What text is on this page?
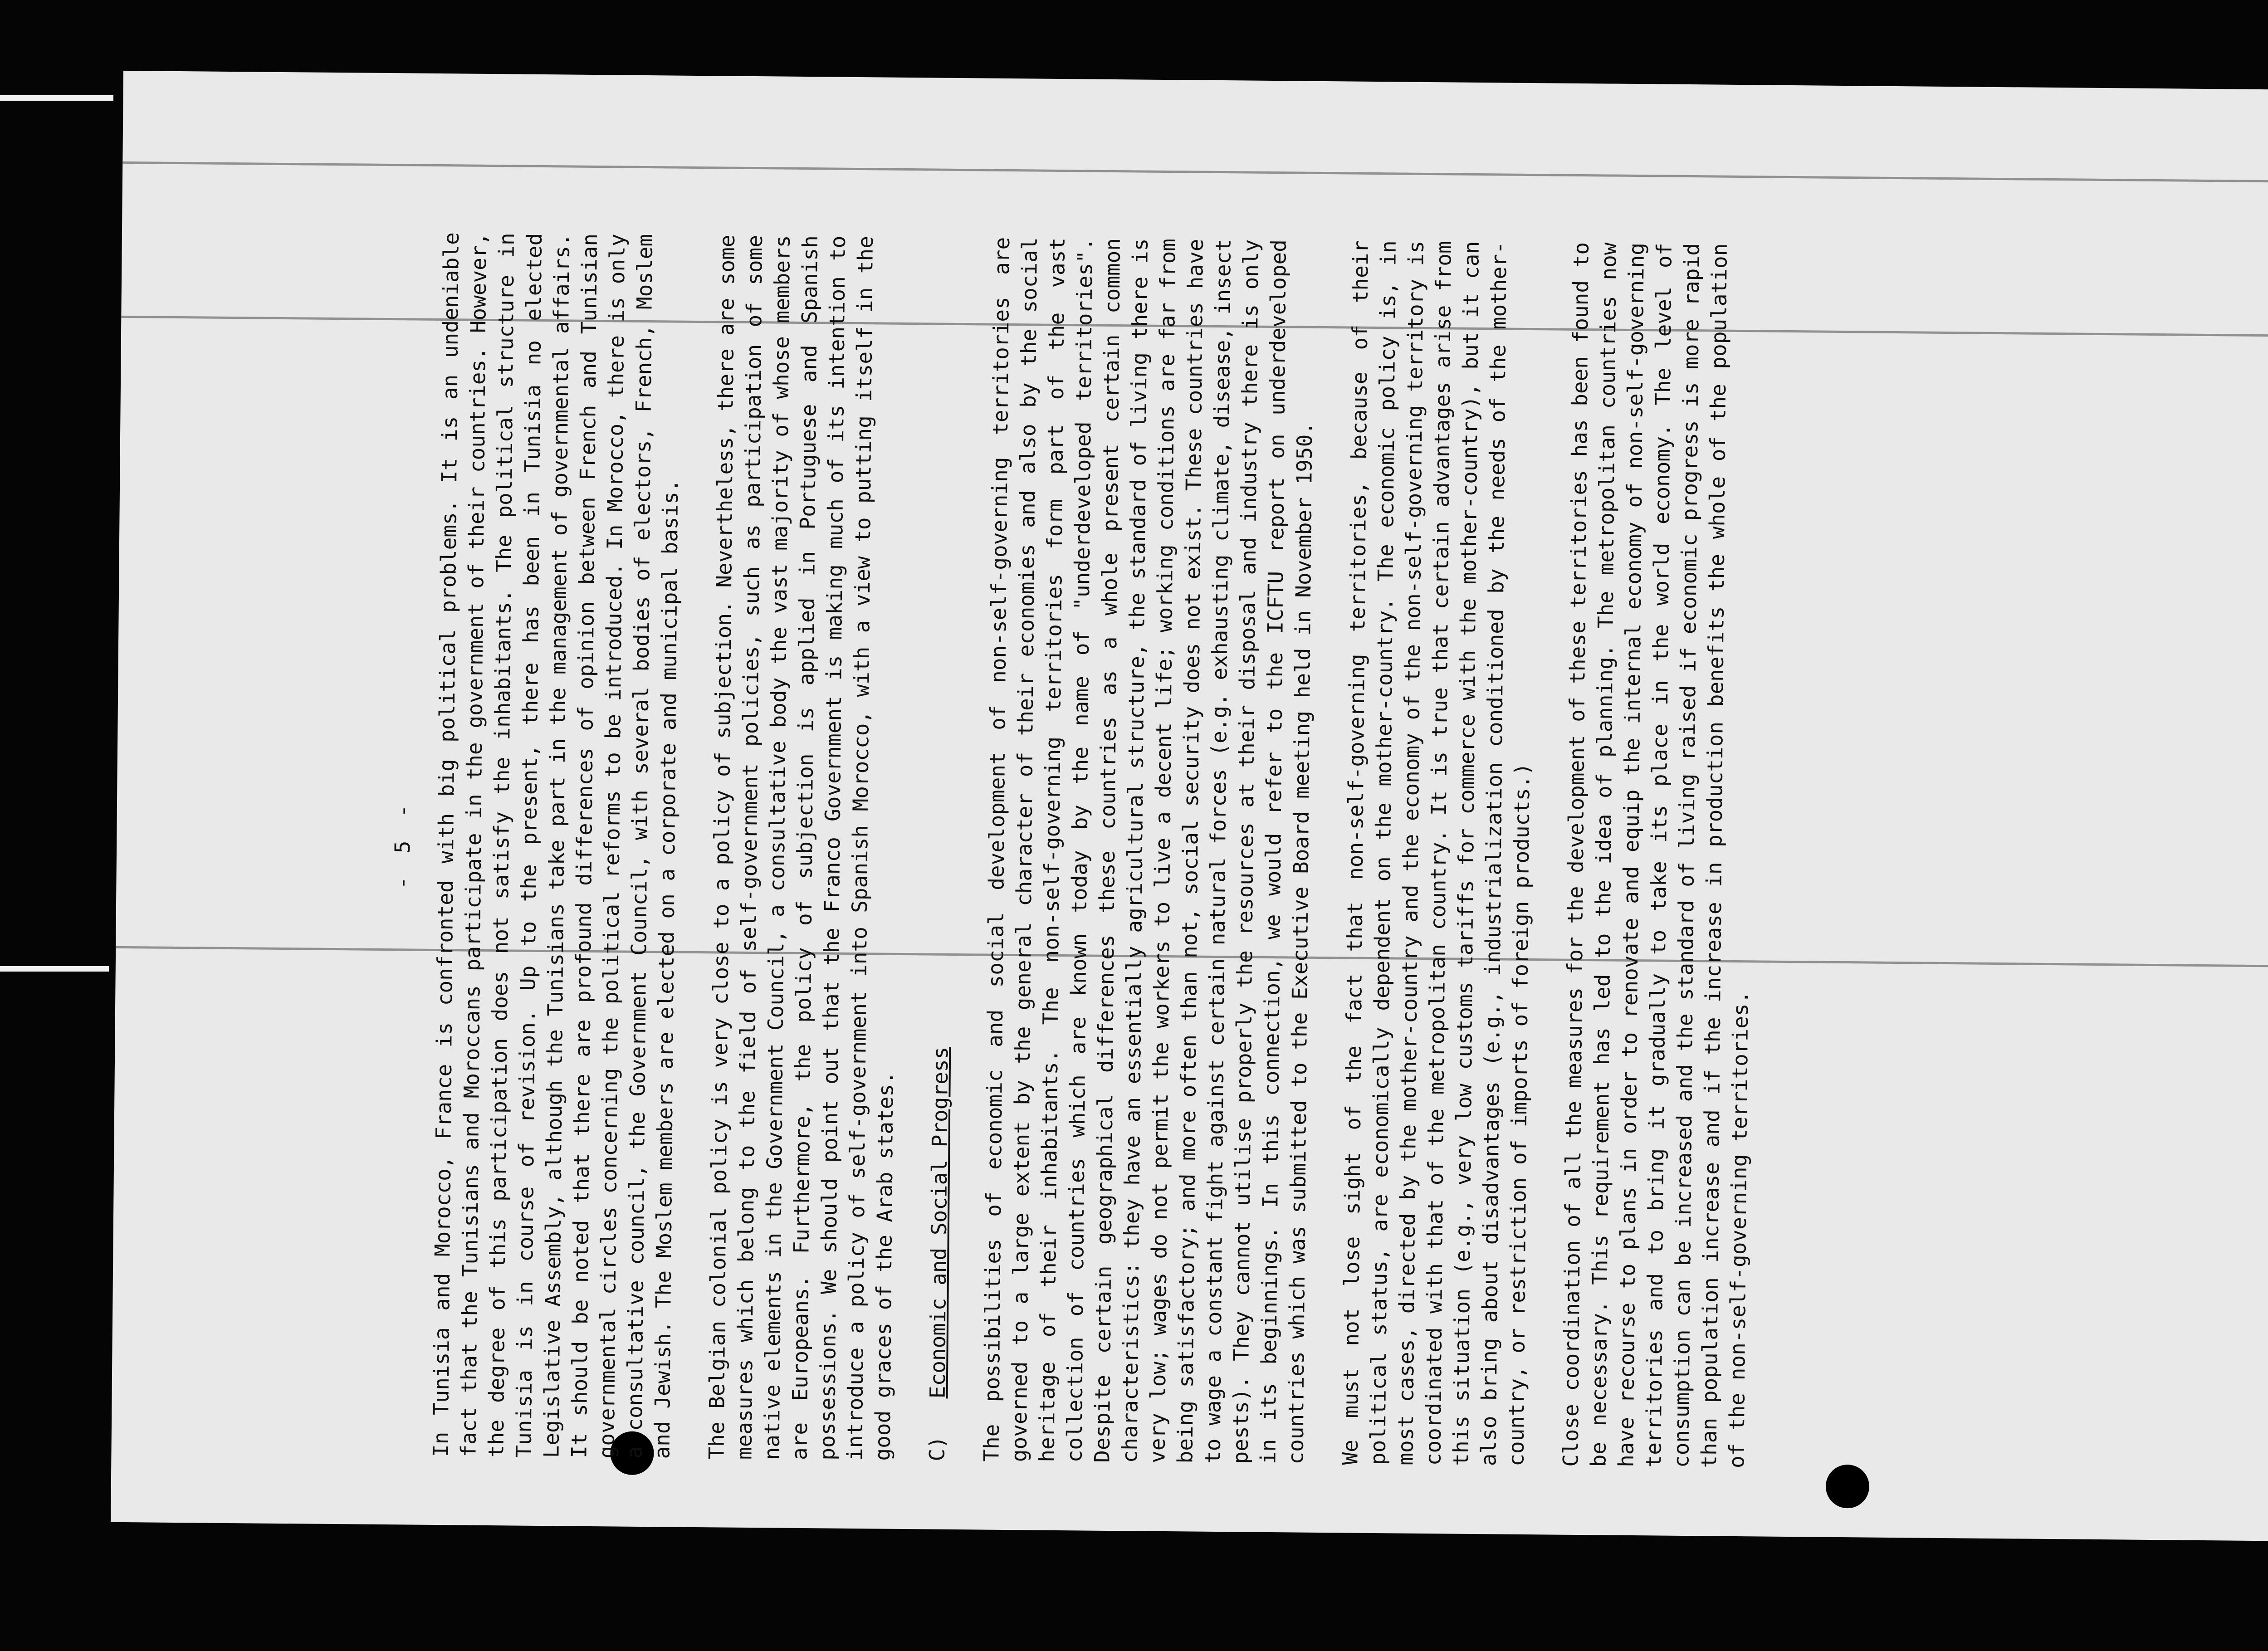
- 5 - In Tunisia and Morocco, France is confronted with big political problems. It is an undeniable fact that the Tunisians and Moroccans participate in the government of their countries. However, the degree of this participation does not satisfy the inhabitants. The political structure in Tunisia is in course of revision. Up to the present, there has been in Tunisia no elected Legislative Assembly, although the Tunisians take part in the management of governmental affairs. It should be noted that there are profound differences of opinion between French and Tunisian governmental circles concerning the political reforms to be introduced. In Morocco, there is only a consultative council, the Government Council, with several bodies of electors, French, Moslem and Jewish. The Moslem members are elected on a corporate and municipal basis. The Belgian colonial policy is very close to a policy of subjection. Nevertheless, there are some measures which belong to the field of self-government policies, such as participation of some native elements in the Government Council, a consultative body the vast majority of whose members are Europeans. Furthermore, the policy of subjection is applied in Portuguese and Spanish possessions. We should point out that the Franco Government is making much of its intention to introduce a policy of self-government into Spanish Morocco, with a view to putting itself in the good graces of the Arab states.	C)   Economic and Social Progress	The possibilities of economic and social development of non-self-governing territories are governed to a large extent by the general character of their economies and also by the social heritage of their inhabitants. The non-self-governing territories form part of the vast collection of countries which are known today by the name of "underdeveloped territories". Despite certain geographical differences these countries as a whole present certain common characteristics: they have an essentially agricultural structure, the standard of living there is very low; wages do not permit the workers to live a decent life; working conditions are far from being satisfactory; and more often than not, social security does not exist. These countries have to wage a constant fight against certain natural forces (e.g. exhausting climate, disease, insect pests). They cannot utilise properly the resources at their disposal and industry there is only in its beginnings. In this connection, we would refer to the ICFTU report on underdeveloped countries which was submitted to the Executive Board meeting held in November 1950. We must not lose sight of the fact that non-self-governing territories, because of their political status, are economically dependent on the mother-country. The economic policy is, in most cases, directed by the mother-country and the economy of the non-self-governing territory is coordinated with that of the metropolitan country. It is true that certain advantages arise from this situation (e.g., very low customs tariffs for commerce with the mother-country), but it can also bring about disadvantages (e.g., industrialization conditioned by the needs of the mother-country, or restriction of imports of foreign products.)	Close coordination of all the measures for the development of these territories has been found to be necessary. This requirement has led to the idea of planning. The metropolitan countries now have recourse to plans in order to renovate and equip the internal economy of non-self-governing territories and to bring it gradually to take its place in the world economy. The level of consumption can be increased and the standard of living raised if economic progress is more rapid than population increase and if the increase in production benefits the whole of the population of the non-self-governing territories.
